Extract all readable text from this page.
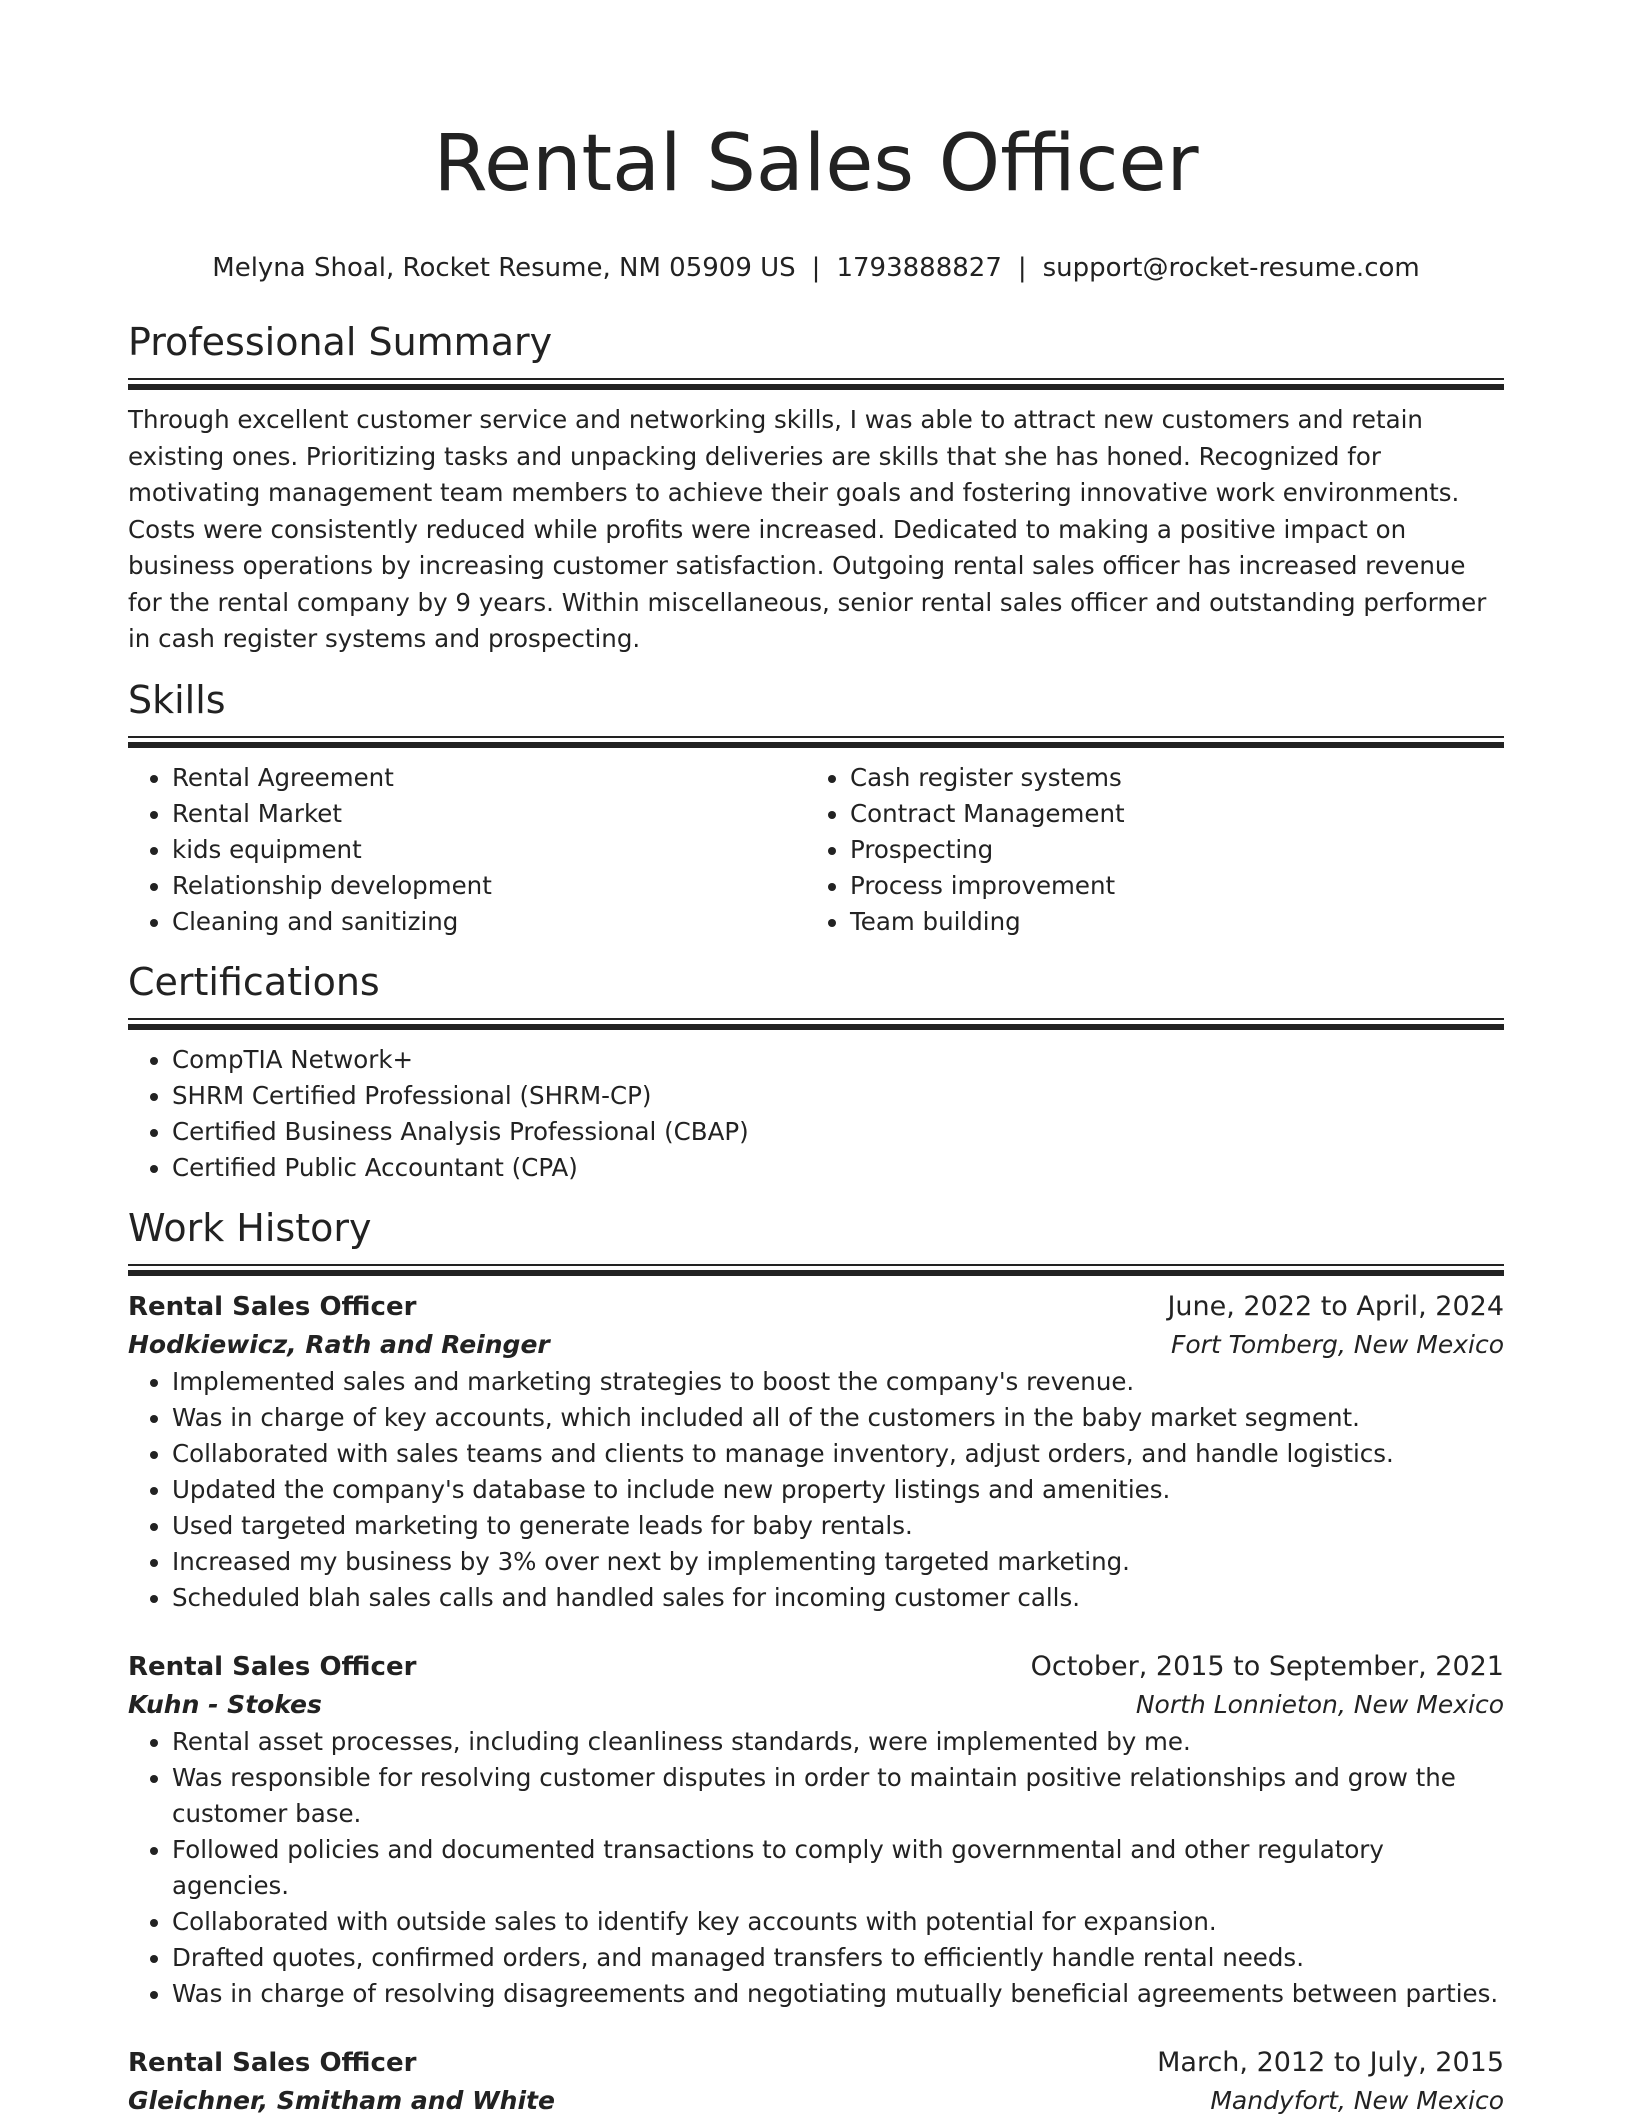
Rental Sales Officer
Melyna Shoal, Rocket Resume, NM 05909 US | 1793888827 | support@rocket-resume.com
Professional Summary

Through excellent customer service and networking skills, I was able to attract new customers and retain existing ones. Prioritizing tasks and unpacking deliveries are skills that she has honed. Recognized for motivating management team members to achieve their goals and fostering innovative work environments. Costs were consistently reduced while profits were increased. Dedicated to making a positive impact on business operations by increasing customer satisfaction. Outgoing rental sales officer has increased revenue for the rental company by 9 years. Within miscellaneous, senior rental sales officer and outstanding performer in cash register systems and prospecting.

Skills
• Rental Agreement
• Rental Market
• kids equipment
• Relationship development
• Cleaning and sanitizing
• Cash register systems
• Contract Management
• Prospecting
• Process improvement
• Team building
Certifications
• CompTIA Network+
• SHRM Certified Professional (SHRM-CP)
• Certified Business Analysis Professional (CBAP)
• Certified Public Accountant (CPA)
Work History
Rental Sales Officer	June, 2022 to April, 2024
Hodkiewicz, Rath and Reinger	Fort Tomberg, New Mexico
• Implemented sales and marketing strategies to boost the company's revenue.
• Was in charge of key accounts, which included all of the customers in the baby market segment.
• Collaborated with sales teams and clients to manage inventory, adjust orders, and handle logistics.
• Updated the company's database to include new property listings and amenities.
• Used targeted marketing to generate leads for baby rentals.
• Increased my business by 3% over next by implementing targeted marketing.
• Scheduled blah sales calls and handled sales for incoming customer calls.
Rental Sales Officer	October, 2015 to September, 2021
Kuhn - Stokes	North Lonnieton, New Mexico
• Rental asset processes, including cleanliness standards, were implemented by me.
• Was responsible for resolving customer disputes in order to maintain positive relationships and grow the customer base.
• Followed policies and documented transactions to comply with governmental and other regulatory agencies.
• Collaborated with outside sales to identify key accounts with potential for expansion.
• Drafted quotes, confirmed orders, and managed transfers to efficiently handle rental needs.
• Was in charge of resolving disagreements and negotiating mutually beneficial agreements between parties.
Rental Sales Officer	March, 2012 to July, 2015
Gleichner, Smitham and White	Mandyfort, New Mexico
